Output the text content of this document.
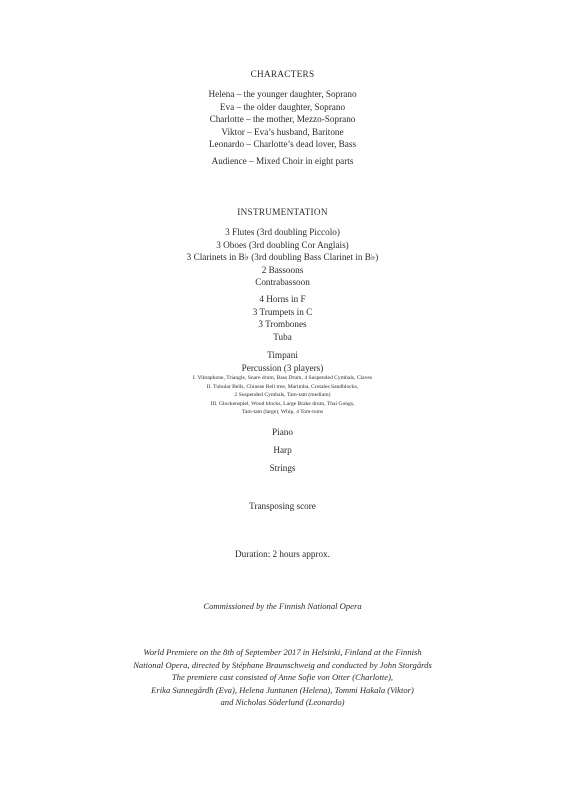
CHARACTERS
Helena – the younger daughter, Soprano
Eva – the older daughter, Soprano
Charlotte – the mother, Mezzo-Soprano
Viktor – Eva’s husband, Baritone
Leonardo – Charlotte’s dead lover, Bass
Audience – Mixed Choir in eight parts
INSTRUMENTATION
3 Flutes (3rd doubling Piccolo)
3 Oboes (3rd doubling Cor Anglais)
3 Clarinets in B♭ (3rd doubling Bass Clarinet in B♭)
2 Bassoons
Contrabassoon
4 Horns in F
3 Trumpets in C
3 Trombones
Tuba
Timpani
Percussion (3 players)
I. Vibraphone, Triangle, Snare drum, Bass Drum, 4 Suspended Cymbals, Claves
II. Tubular Bells, Chinese Bell tree, Marimba, Crotales Sandblocks,
2 Suspended Cymbals, Tam-tam (medium)
III. Glockenspiel, Wood blocks, Large Brake drum, Thai Gongs,
Tam-tam (large), Whip, 4 Tom-toms
Piano
Harp
Strings
Transposing score
Duration: 2 hours approx.
Commissioned by the Finnish National Opera
World Premiere on the 8th of September 2017 in Helsinki, Finland at the Finnish
National Opera, directed by Stéphane Braunschweig and conducted by John Storgårds
The premiere cast consisted of Anne Sofie von Otter (Charlotte),
Erika Sunnegårdh (Eva), Helena Juntunen (Helena), Tommi Hakala (Viktor)
and Nicholas Söderlund (Leonardo)
